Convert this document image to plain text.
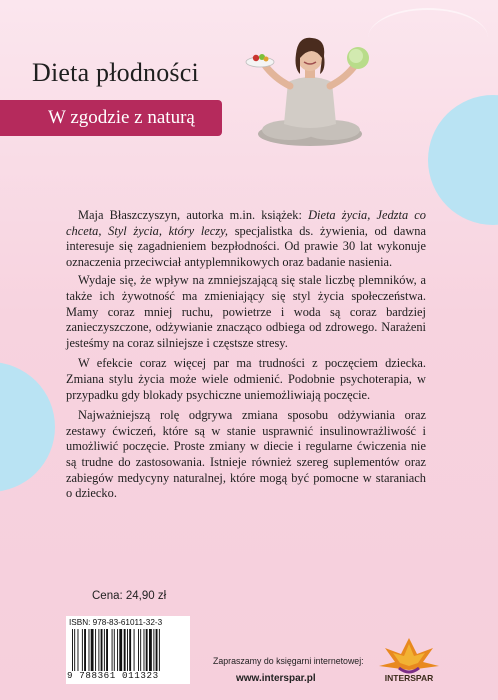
Dieta płodności
W zgodzie z naturą

Maja Błaszczyszyn, autorka m.in. książek: Dieta życia, Jedzta co chceta, Styl życia, który leczy, specjalistka ds. żywienia, od dawna interesuje się zagadnieniem bezpłodności. Od prawie 30 lat wykonuje oznaczenia przeciwciał antyplemnikowych oraz badanie nasienia.

Wydaje się, że wpływ na zmniejszającą się stale liczbę plemników, a także ich żywotność ma zmieniający się styl życia społeczeństwa. Mamy coraz mniej ruchu, powietrze i woda są coraz bardziej zanieczyszczone, odżywianie znacząco odbiega od zdrowego. Narażeni jesteśmy na coraz silniejsze i częstsze stresy.

W efekcie coraz więcej par ma trudności z poczęciem dziecka. Zmiana stylu życia może wiele odmienić. Podobnie psychoterapia, w przypadku gdy blokady psychiczne uniemożliwiają poczęcie.

Najważniejszą rolę odgrywa zmiana sposobu odżywiania oraz zestawy ćwiczeń, które są w stanie usprawnić insulinowrażliwość i umożliwić poczęcie. Proste zmiany w diecie i regularne ćwiczenia nie są trudne do zastosowania. Istnieje również szereg suplementów oraz zabiegów medycyny naturalnej, które mogą być pomocne w staraniach o dziecko.

Cena: 24,90 zł
ISBN: 978-83-61011-32-3
9 788361 011323
Zapraszamy do księgarni internetowej:
www.interspar.pl	INTERSPAR
